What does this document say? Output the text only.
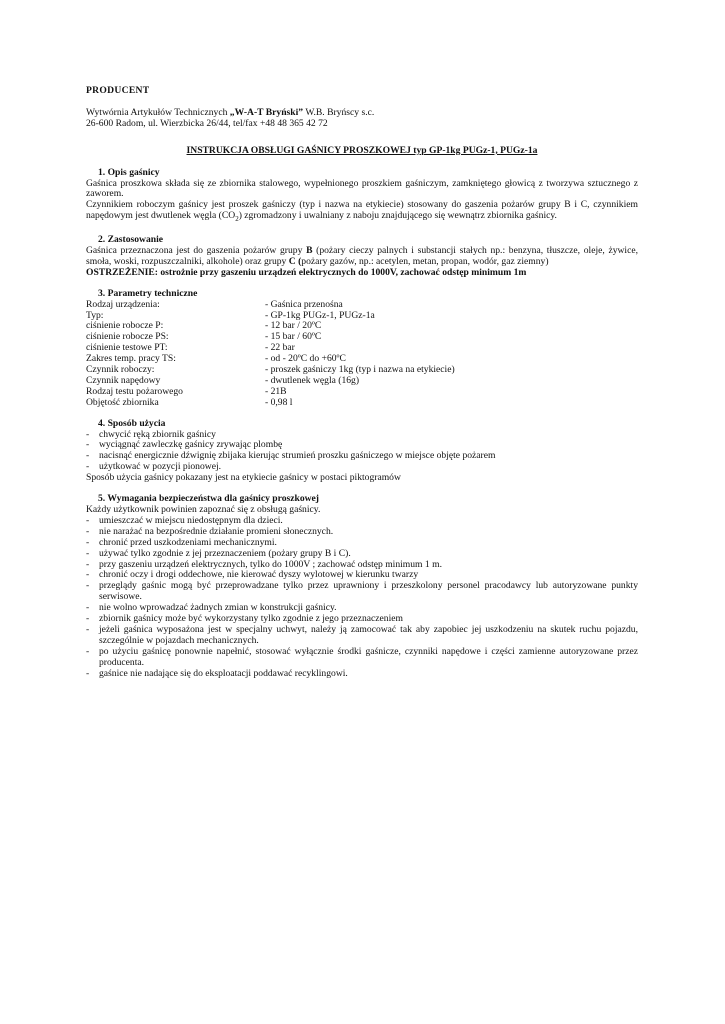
PRODUCENT
Wytwórnia Artykułów Technicznych „W-A-T Bryński” W.B. Bryńscy s.c.
26-600 Radom, ul. Wierzbicka 26/44, tel/fax +48 48 365 42 72
INSTRUKCJA OBSŁUGI GAŚNICY PROSZKOWEJ typ GP-1kg PUGz-1, PUGz-1a
1. Opis gaśnicy
Gaśnica proszkowa składa się ze zbiornika stalowego, wypełnionego proszkiem gaśniczym, zamkniętego głowicą z tworzywa sztucznego z zaworem.
Czynnikiem roboczym gaśnicy jest proszek gaśniczy (typ i nazwa na etykiecie) stosowany do gaszenia pożarów grupy B i C, czynnikiem napędowym jest dwutlenek węgla $(CO_2)$ zgromadzony i uwalniany z naboju znajdującego się wewnątrz zbiornika gaśnicy.
2. Zastosowanie
Gaśnica przeznaczona jest do gaszenia pożarów grupy B (pożary cieczy palnych i substancji stałych np.: benzyna, tłuszcze, oleje, żywice, smoła, woski, rozpuszczalniki, alkohole) oraz grupy C (pożary gazów, np.: acetylen, metan, propan, wodór, gaz ziemny)
OSTRZEŻENIE: ostrożnie przy gaszeniu urządzeń elektrycznych do 1000V, zachować odstęp minimum 1m
3. Parametry techniczne
Rodzaj urządzenia:	- Gaśnica przenośna
Typ:	- GP-1kg PUGz-1, PUGz-1a
ciśnienie robocze P:	- 12 bar / 20ºC
ciśnienie robocze PS:	- 15 bar / 60ºC
ciśnienie testowe PT:	- 22 bar
Zakres temp. pracy TS:	- od - 20ºC do +60ºC
Czynnik roboczy:	- proszek gaśniczy 1kg (typ i nazwa na etykiecie)
Czynnik napędowy	- dwutlenek węgla (16g)
Rodzaj testu pożarowego	- 21B
Objętość zbiornika	- 0,98 l
4. Sposób użycia
-	chwycić ręką zbiornik gaśnicy
-	wyciągnąć zawleczkę gaśnicy zrywając plombę
-	nacisnąć energicznie dźwignię zbijaka kierując strumień proszku gaśniczego w miejsce objęte pożarem
-	użytkować w pozycji pionowej.
Sposób użycia gaśnicy pokazany jest na etykiecie gaśnicy w postaci piktogramów
5. Wymagania bezpieczeństwa dla gaśnicy proszkowej
Każdy użytkownik powinien zapoznać się z obsługą gaśnicy.
-	umieszczać w miejscu niedostępnym dla dzieci.
-	nie narażać na bezpośrednie działanie promieni słonecznych.
-	chronić przed uszkodzeniami mechanicznymi.
-	używać tylko zgodnie z jej przeznaczeniem (pożary grupy B i C).
-	przy gaszeniu urządzeń elektrycznych, tylko do 1000V ; zachować odstęp minimum 1 m.
-	chronić oczy i drogi oddechowe, nie kierować dyszy wylotowej w kierunku twarzy
-	przeglądy gaśnic mogą być przeprowadzane tylko przez uprawniony i przeszkolony personel pracodawcy lub autoryzowane punkty serwisowe.
-	nie wolno wprowadzać żadnych zmian w konstrukcji gaśnicy.
-	zbiornik gaśnicy może być wykorzystany tylko zgodnie z jego przeznaczeniem
-	jeżeli gaśnica wyposażona jest w specjalny uchwyt, należy ją zamocować tak aby zapobiec jej uszkodzeniu na skutek ruchu pojazdu, szczególnie w pojazdach mechanicznych.
-	po użyciu gaśnicę ponownie napełnić, stosować wyłącznie środki gaśnicze, czynniki napędowe i części zamienne autoryzowane przez producenta.
-	gaśnice nie nadające się do eksploatacji poddawać recyklingowi.
